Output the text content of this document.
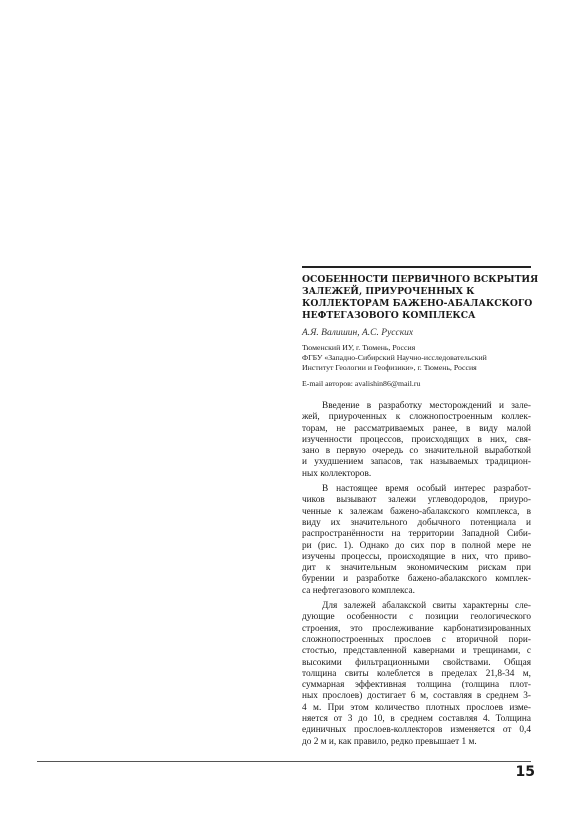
ОСОБЕННОСТИ ПЕРВИЧНОГО ВСКРЫТИЯ
ЗАЛЕЖЕЙ, ПРИУРОЧЕННЫХ К
КОЛЛЕКТОРАМ БАЖЕНО-АБАЛАКСКОГО
НЕФТЕГАЗОВОГО КОМПЛЕКСА
А.Я. Валишин, А.С. Русских
Тюменский ИУ, г. Тюмень, Россия
ФГБУ «Западно-Сибирский Научно-исследовательский
Институт Геологии и Геофизики», г. Тюмень, Россия
E-mail авторов: avalishin86@mail.ru
Введение в разработку месторождений и зале-
жей, приуроченных к сложнопостроенным коллек-
торам, не рассматриваемых ранее, в виду малой
изученности процессов, происходящих в них, свя-
зано в первую очередь со значительной выработкой
и ухудшением запасов, так называемых традицион-
ных коллекторов.
В настоящее время особый интерес разработ-
чиков вызывают залежи углеводородов, приуро-
ченные к залежам бажено-абалакского комплекса, в
виду их значительного добычного потенциала и
распространённости на территории Западной Сиби-
ри (рис. 1). Однако до сих пор в полной мере не
изучены процессы, происходящие в них, что приво-
дит к значительным экономическим рискам при
бурении и разработке бажено-абалакского комплек-
са нефтегазового комплекса.
Для залежей абалакской свиты характерны сле-
дующие особенности с позиции геологического
строения, это прослеживание карбонатизированных
сложнопостроенных прослоев с вторичной пори-
стостью, представленной кавернами и трещинами, с
высокими фильтрационными свойствами. Общая
толщина свиты колеблется в пределах 21,8-34 м,
суммарная эффективная толщина (толщина плот-
ных прослоев) достигает 6 м, составляя в среднем 3-
4 м. При этом количество плотных прослоев изме-
няется от 3 до 10, в среднем составляя 4. Толщина
единичных прослоев-коллекторов изменяется от 0,4
до 2 м и, как правило, редко превышает 1 м.
15
